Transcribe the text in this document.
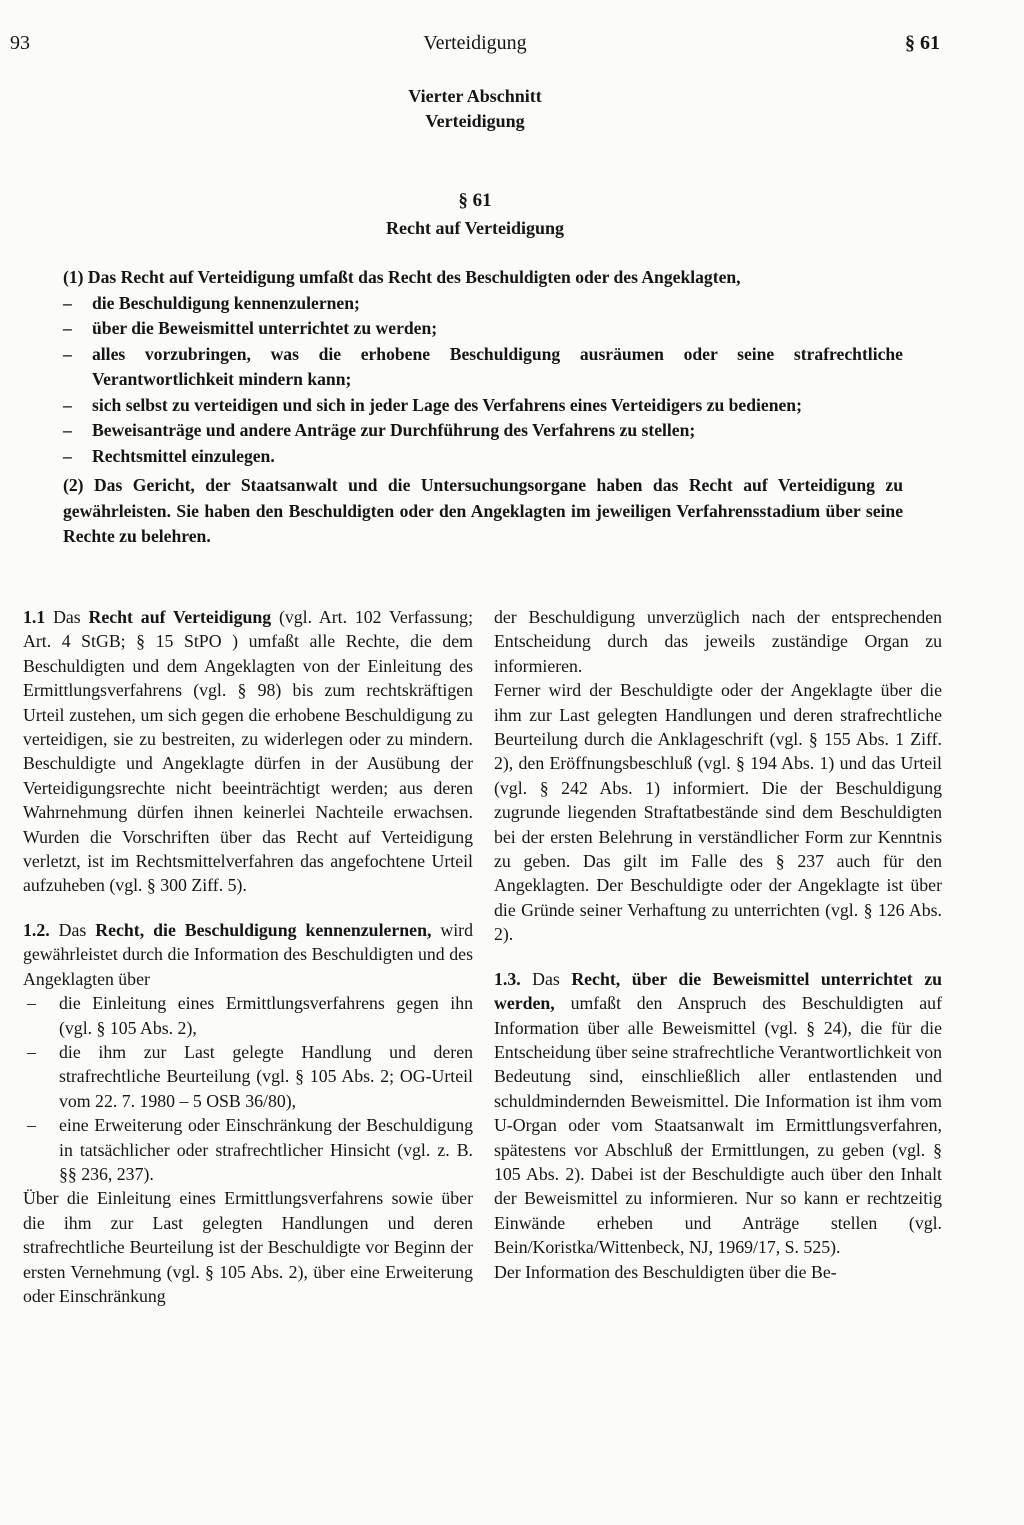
93	Verteidigung	§ 61
Vierter Abschnitt
Verteidigung
§ 61
Recht auf Verteidigung

(1) Das Recht auf Verteidigung umfaßt das Recht des Beschuldigten oder des Angeklagten,

– die Beschuldigung kennenzulernen;

– über die Beweismittel unterrichtet zu werden;

– alles vorzubringen, was die erhobene Beschuldigung ausräumen oder seine strafrechtliche Verantwortlichkeit mindern kann;

– sich selbst zu verteidigen und sich in jeder Lage des Verfahrens eines Verteidigers zu bedienen;

– Beweisanträge und andere Anträge zur Durchführung des Verfahrens zu stellen;

– Rechtsmittel einzulegen.

(2) Das Gericht, der Staatsanwalt und die Untersuchungsorgane haben das Recht auf Verteidigung zu gewährleisten. Sie haben den Beschuldigten oder den Angeklagten im jeweiligen Verfahrensstadium über seine Rechte zu belehren.

1.1 Das Recht auf Verteidigung (vgl. Art. 102 Verfassung; Art. 4 StGB; § 15 StPO ) umfaßt alle Rechte, die dem Beschuldigten und dem Angeklagten von der Einleitung des Ermittlungsverfahrens (vgl. § 98) bis zum rechtskräftigen Urteil zustehen, um sich gegen die erhobene Beschuldigung zu verteidigen, sie zu bestreiten, zu widerlegen oder zu mindern. Beschuldigte und Angeklagte dürfen in der Ausübung der Verteidigungsrechte nicht beeinträchtigt werden; aus deren Wahrnehmung dürfen ihnen keinerlei Nachteile erwachsen. Wurden die Vorschriften über das Recht auf Verteidigung verletzt, ist im Rechtsmittelverfahren das angefochtene Urteil aufzuheben (vgl. § 300 Ziff. 5).

1.2. Das Recht, die Beschuldigung kennenzulernen, wird gewährleistet durch die Information des Beschuldigten und des Angeklagten über

– die Einleitung eines Ermittlungsverfahrens gegen ihn (vgl. § 105 Abs. 2),

– die ihm zur Last gelegte Handlung und deren strafrechtliche Beurteilung (vgl. § 105 Abs. 2; OG-Urteil vom 22. 7. 1980 – 5 OSB 36/80),

– eine Erweiterung oder Einschränkung der Beschuldigung in tatsächlicher oder strafrechtlicher Hinsicht (vgl. z. B. §§ 236, 237).

Über die Einleitung eines Ermittlungsverfahrens sowie über die ihm zur Last gelegten Handlungen und deren strafrechtliche Beurteilung ist der Beschuldigte vor Beginn der ersten Vernehmung (vgl. § 105 Abs. 2), über eine Erweiterung oder Einschränkung

der Beschuldigung unverzüglich nach der entsprechenden Entscheidung durch das jeweils zuständige Organ zu informieren.

Ferner wird der Beschuldigte oder der Angeklagte über die ihm zur Last gelegten Handlungen und deren strafrechtliche Beurteilung durch die Anklageschrift (vgl. § 155 Abs. 1 Ziff. 2), den Eröffnungsbeschluß (vgl. § 194 Abs. 1) und das Urteil (vgl. § 242 Abs. 1) informiert. Die der Beschuldigung zugrunde liegenden Straftatbestände sind dem Beschuldigten bei der ersten Belehrung in verständlicher Form zur Kenntnis zu geben. Das gilt im Falle des § 237 auch für den Angeklagten. Der Beschuldigte oder der Angeklagte ist über die Gründe seiner Verhaftung zu unterrichten (vgl. § 126 Abs. 2).

1.3. Das Recht, über die Beweismittel unterrichtet zu werden, umfaßt den Anspruch des Beschuldigten auf Information über alle Beweismittel (vgl. § 24), die für die Entscheidung über seine strafrechtliche Verantwortlichkeit von Bedeutung sind, einschließlich aller entlastenden und schuldmindernden Beweismittel. Die Information ist ihm vom U-Organ oder vom Staatsanwalt im Ermittlungsverfahren, spätestens vor Abschluß der Ermittlungen, zu geben (vgl. § 105 Abs. 2). Dabei ist der Beschuldigte auch über den Inhalt der Beweismittel zu informieren. Nur so kann er rechtzeitig Einwände erheben und Anträge stellen (vgl. Bein/Koristka/Wittenbeck, NJ, 1969/17, S. 525).

Der Information des Beschuldigten über die Be-
